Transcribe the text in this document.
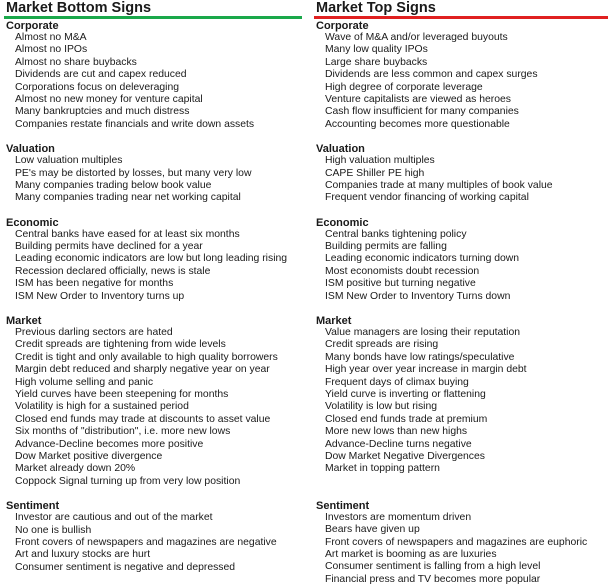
Market Bottom Signs
Corporate
Almost no M&A
Almost no IPOs
Almost no share buybacks
Dividends are cut and capex reduced
Corporations focus on deleveraging
Almost no new money for venture capital
Many bankruptcies and much distress
Companies restate financials and write down assets
Valuation
Low valuation multiples
PE's may be distorted by losses, but many very low
Many companies trading below book value
Many companies trading near net working capital
Economic
Central banks have eased for at least six months
Building permits have declined for a year
Leading economic indicators are low but long leading rising
Recession declared officially, news is stale
ISM has been negative for months
ISM New Order to Inventory turns up
Market
Previous darling sectors are hated
Credit spreads are tightening from wide levels
Credit is tight and only available to high quality borrowers
Margin debt reduced and sharply negative year on year
High volume selling and panic
Yield curves have been steepening for months
Volatility is high for a sustained period
Closed end funds may trade at discounts to asset value
Six months of "distribution", i.e. more new lows
Advance-Decline becomes more positive
Dow Market positive divergence
Market already down 20%
Coppock Signal turning up from very low position
Sentiment
Investor are cautious and out of the market
No one is bullish
Front covers of newspapers and magazines are negative
Art and luxury stocks are hurt
Consumer sentiment is negative and depressed
Market Top Signs
Corporate
Wave of M&A and/or leveraged buyouts
Many low quality IPOs
Large share buybacks
Dividends are less common and capex surges
High degree of corporate leverage
Venture capitalists are viewed as heroes
Cash flow insufficient for many companies
Accounting becomes more questionable
Valuation
High valuation multiples
CAPE Shiller PE high
Companies trade at many multiples of book value
Frequent vendor financing of working capital
Economic
Central banks tightening policy
Building permits are falling
Leading economic indicators turning down
Most economists doubt recession
ISM positive but turning negative
ISM New Order to Inventory Turns down
Market
Value managers are losing their reputation
Credit spreads are rising
Many bonds have low ratings/speculative
High year over year increase in margin debt
Frequent days of climax buying
Yield curve is inverting or flattening
Volatility is low but rising
Closed end funds trade at premium
More new lows than new highs
Advance-Decline turns negative
Dow Market Negative Divergences
Market in topping pattern
Sentiment
Investors are momentum driven
Bears have given up
Front covers of newspapers and magazines are euphoric
Art market is booming as are luxuries
Consumer sentiment is falling from a high level
Financial press and TV becomes more popular
